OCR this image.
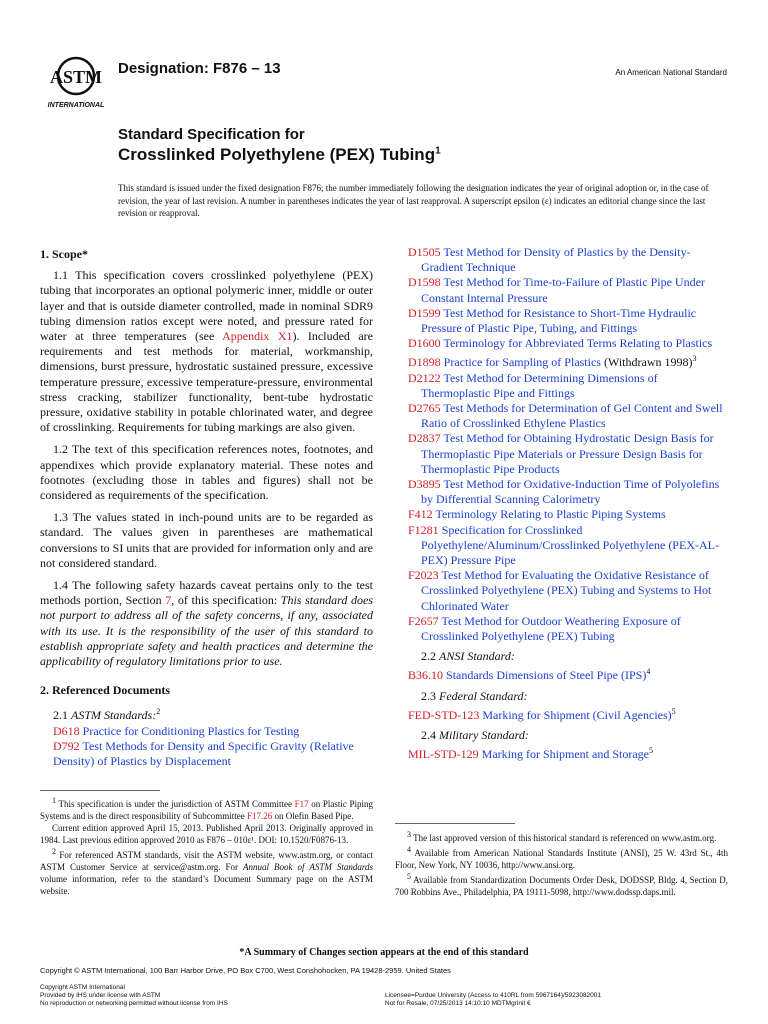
ASTM
INTERNATIONAL
Designation: F876 – 13	An American National Standard
Standard Specification for
Crosslinked Polyethylene (PEX) Tubing$^1$
This standard is issued under the fixed designation F876; the number immediately following the designation indicates the year of original adoption or, in the case of revision, the year of last revision. A number in parentheses indicates the year of last reapproval. A superscript epsilon (ε) indicates an editorial change since the last revision or reapproval.
1. Scope*
1.1 This specification covers crosslinked polyethylene (PEX) tubing that incorporates an optional polymeric inner, middle or outer layer and that is outside diameter controlled, made in nominal SDR9 tubing dimension ratios except were noted, and pressure rated for water at three temperatures (see Appendix X1). Included are requirements and test methods for material, workmanship, dimensions, burst pressure, hydrostatic sustained pressure, excessive temperature pressure, excessive temperature-pressure, environmental stress cracking, stabilizer functionality, bent-tube hydrostatic pressure, oxidative stability in potable chlorinated water, and degree of crosslinking. Requirements for tubing markings are also given.
1.2 The text of this specification references notes, footnotes, and appendixes which provide explanatory material. These notes and footnotes (excluding those in tables and figures) shall not be considered as requirements of the specification.
1.3 The values stated in inch-pound units are to be regarded as standard. The values given in parentheses are mathematical conversions to SI units that are provided for information only and are not considered standard.
1.4 The following safety hazards caveat pertains only to the test methods portion, Section 7, of this specification: This standard does not purport to address all of the safety concerns, if any, associated with its use. It is the responsibility of the user of this standard to establish appropriate safety and health practices and determine the applicability of regulatory limitations prior to use.
2. Referenced Documents
2.1 ASTM Standards:$^2$
D618 Practice for Conditioning Plastics for Testing
D792 Test Methods for Density and Specific Gravity (Relative Density) of Plastics by Displacement
D1505 Test Method for Density of Plastics by the Density-Gradient Technique
D1598 Test Method for Time-to-Failure of Plastic Pipe Under Constant Internal Pressure
D1599 Test Method for Resistance to Short-Time Hydraulic Pressure of Plastic Pipe, Tubing, and Fittings
D1600 Terminology for Abbreviated Terms Relating to Plastics
D1898 Practice for Sampling of Plastics (Withdrawn 1998)$^3$
D2122 Test Method for Determining Dimensions of Thermoplastic Pipe and Fittings
D2765 Test Methods for Determination of Gel Content and Swell Ratio of Crosslinked Ethylene Plastics
D2837 Test Method for Obtaining Hydrostatic Design Basis for Thermoplastic Pipe Materials or Pressure Design Basis for Thermoplastic Pipe Products
D3895 Test Method for Oxidative-Induction Time of Polyolefins by Differential Scanning Calorimetry
F412 Terminology Relating to Plastic Piping Systems
F1281 Specification for Crosslinked Polyethylene/Aluminum/Crosslinked Polyethylene (PEX-AL-PEX) Pressure Pipe
F2023 Test Method for Evaluating the Oxidative Resistance of Crosslinked Polyethylene (PEX) Tubing and Systems to Hot Chlorinated Water
F2657 Test Method for Outdoor Weathering Exposure of Crosslinked Polyethylene (PEX) Tubing
2.2 ANSI Standard:
B36.10 Standards Dimensions of Steel Pipe (IPS)$^4$
2.3 Federal Standard:
FED-STD-123 Marking for Shipment (Civil Agencies)$^5$
2.4 Military Standard:
MIL-STD-129 Marking for Shipment and Storage$^5$

$^1$ This specification is under the jurisdiction of ASTM Committee F17 on Plastic Piping Systems and is the direct responsibility of Subcommittee F17.26 on Olefin Based Pipe.

Current edition approved April 15, 2013. Published April 2013. Originally approved in 1984. Last previous edition approved 2010 as F876 – 010ε¹. DOI: 10.1520/F0876-13.

$^2$ For referenced ASTM standards, visit the ASTM website, www.astm.org, or contact ASTM Customer Service at service@astm.org. For Annual Book of ASTM Standards volume information, refer to the standard’s Document Summary page on the ASTM website.

$^3$ The last approved version of this historical standard is referenced on www.astm.org.

$^4$ Available from American National Standards Institute (ANSI), 25 W. 43rd St., 4th Floor, New York, NY 10036, http://www.ansi.org.

$^5$ Available from Standardization Documents Order Desk, DODSSP, Bldg. 4, Section D, 700 Robbins Ave., Philadelphia, PA 19111-5098, http://www.dodssp.daps.mil.

*A Summary of Changes section appears at the end of this standard
Copyright © ASTM International, 100 Barr Harbor Drive, PO Box C700, West Conshohocken, PA 19428-2959. United States
Copyright ASTM International
Provided by IHS under license with ASTM
No reproduction or networking permitted without license from IHS
Licensee=Purdue University (Access to 410RL from 5967164)/5923082001
Not for Resale, 07/25/2013 14:10:10 MDTMgrinit €
